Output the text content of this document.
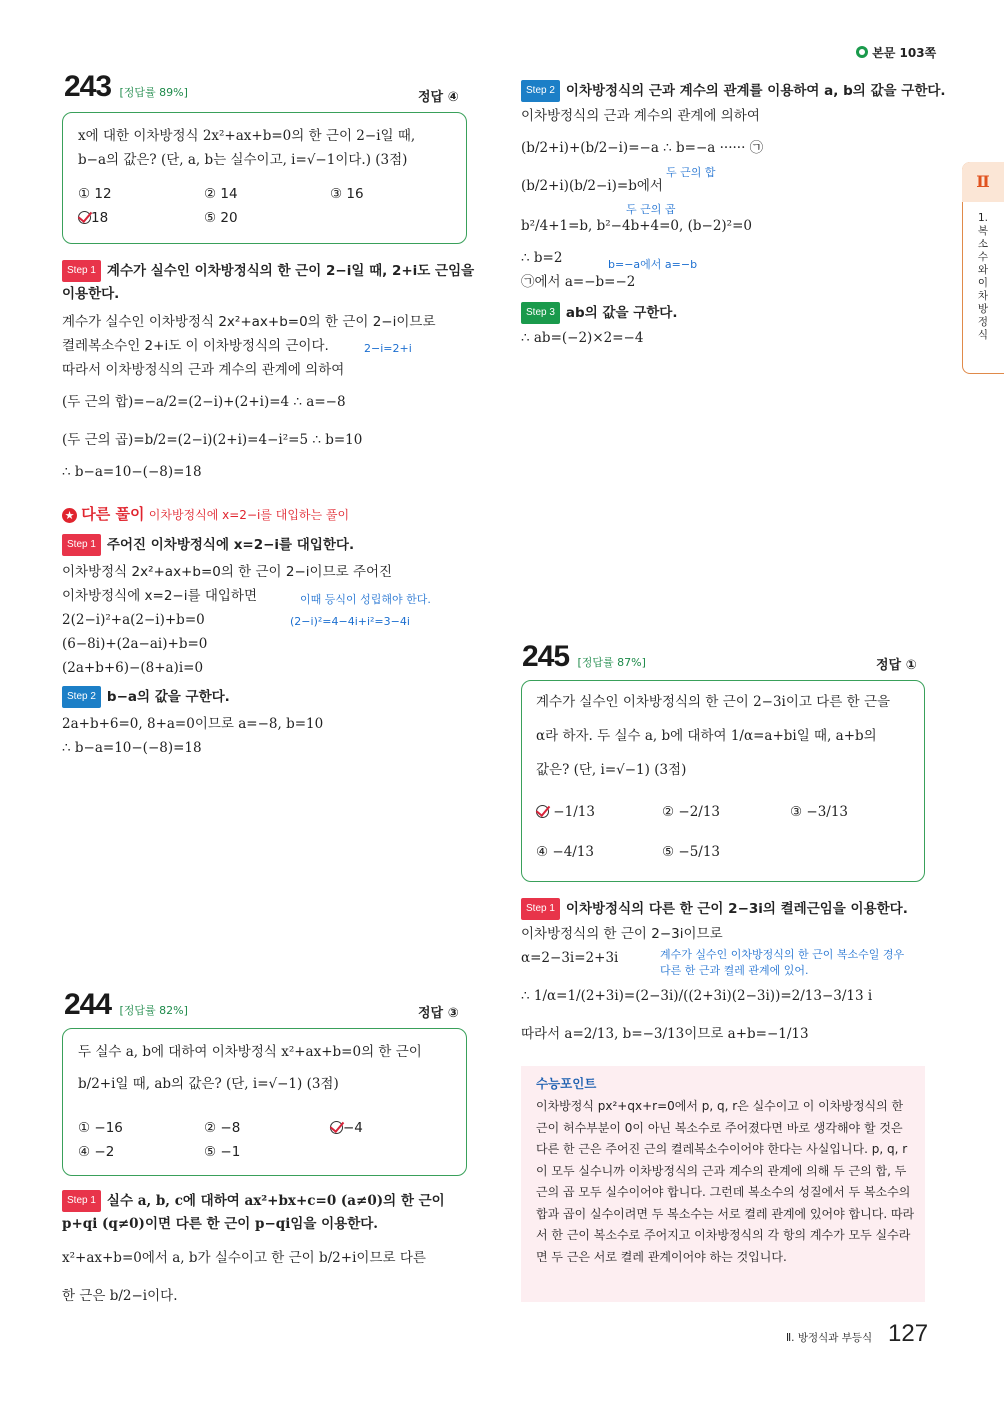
본문 103쪽
Ⅱ
1.복소수와이차방정식
243 [정답률 89%]	정답 ④
x에 대한 이차방정식 2x²+ax+b=0의 한 근이 2−i일 때,
b−a의 값은? (단, a, b는 실수이고, i=√−1이다.) (3점)
① 12	② 14	③ 16
18	⑤ 20
Step 1 계수가 실수인 이차방정식의 한 근이 2−i일 때, 2+i도 근임을
이용한다.
계수가 실수인 이차방정식 2x²+ax+b=0의 한 근이 2−i이므로
켤레복소수인 2+i도 이 이차방정식의 근이다.	2−i=2+i
따라서 이차방정식의 근과 계수의 관계에 의하여
(두 근의 합)=−a/2=(2−i)+(2+i)=4 ∴ a=−8
(두 근의 곱)=b/2=(2−i)(2+i)=4−i²=5 ∴ b=10
∴ b−a=10−(−8)=18
★ 다른 풀이 이차방정식에 x=2−i를 대입하는 풀이
Step 1 주어진 이차방정식에 x=2−i를 대입한다.
이차방정식 2x²+ax+b=0의 한 근이 2−i이므로 주어진
이차방정식에 x=2−i를 대입하면	이때 등식이 성립해야 한다.
2(2−i)²+a(2−i)+b=0	(2−i)²=4−4i+i²=3−4i
(6−8i)+(2a−ai)+b=0
(2a+b+6)−(8+a)i=0
Step 2 b−a의 값을 구한다.
2a+b+6=0, 8+a=0이므로 a=−8, b=10
∴ b−a=10−(−8)=18
244 [정답률 82%]	정답 ③
두 실수 a, b에 대하여 이차방정식 x²+ax+b=0의 한 근이
b/2+i일 때, ab의 값은? (단, i=√−1) (3점)
① −16	② −8	−4
④ −2	⑤ −1
Step 1 실수 a, b, c에 대하여 ax²+bx+c=0 (a≠0)의 한 근이
p+qi (q≠0)이면 다른 한 근이 p−qi임을 이용한다.
x²+ax+b=0에서 a, b가 실수이고 한 근이 b/2+i이므로 다른
한 근은 b/2−i이다.
Step 2 이차방정식의 근과 계수의 관계를 이용하여 a, b의 값을 구한다.
이차방정식의 근과 계수의 관계에 의하여
(b/2+i)+(b/2−i)=−a ∴ b=−a ······ ㉠
두 근의 합
(b/2+i)(b/2−i)=b에서
두 근의 곱
b²/4+1=b, b²−4b+4=0, (b−2)²=0
∴ b=2	b=−a에서 a=−b
㉠에서 a=−b=−2
Step 3 ab의 값을 구한다.
∴ ab=(−2)×2=−4
245 [정답률 87%]	정답 ①
계수가 실수인 이차방정식의 한 근이 2−3i이고 다른 한 근을
α라 하자. 두 실수 a, b에 대하여 1/α=a+bi일 때, a+b의
값은? (단, i=√−1) (3점)
−1/13	② −2/13	③ −3/13
④ −4/13	⑤ −5/13
Step 1 이차방정식의 다른 한 근이 2−3i의 켤레근임을 이용한다.
이차방정식의 한 근이 2−3i이므로
α=2−3i=2+3i	계수가 실수인 이차방정식의 한 근이 복소수일 경우
다른 한 근과 켤레 관계에 있어.
∴ 1/α=1/(2+3i)=(2−3i)/((2+3i)(2−3i))=2/13−3/13 i
따라서 a=2/13, b=−3/13이므로 a+b=−1/13
수능포인트
이차방정식 px²+qx+r=0에서 p, q, r은 실수이고 이 이차방정식의 한 근이 허수부분이 0이 아닌 복소수로 주어졌다면 바로 생각해야 할 것은 다른 한 근은 주어진 근의 켤레복소수이어야 한다는 사실입니다. p, q, r이 모두 실수니까 이차방정식의 근과 계수의 관계에 의해 두 근의 합, 두 근의 곱 모두 실수이어야 합니다. 그런데 복소수의 성질에서 두 복소수의 합과 곱이 실수이려면 두 복소수는 서로 켤레 관계에 있어야 합니다. 따라서 한 근이 복소수로 주어지고 이차방정식의 각 항의 계수가 모두 실수라면 두 근은 서로 켤레 관계이어야 하는 것입니다.
Ⅱ. 방정식과 부등식 127
